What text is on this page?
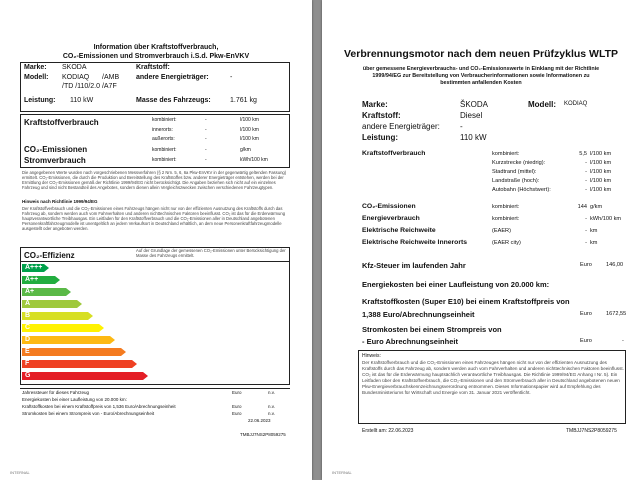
Information über Kraftstoffverbrauch,
CO₂-Emissionen und Stromverbrauch i.S.d. Pkw-EnVKV
Marke: SKODA	Kraftstoff:
Modell: KODIAQ /AMB
/TD /110/2.0 /A7F
andere Energieträger:	-
Leistung: 110 kW	Masse des Fahrzeugs:	1.761 kg
Kraftstoffverbrauch	kombiniert:	-	l/100 km
innerorts:	-	l/100 km
außerorts:	-	l/100 km
CO₂-Emissionen	kombiniert:	-	g/km
Stromverbrauch	kombiniert:	-	kWh/100 km
Die angegebenen Werte wurden nach vorgeschriebenen Messverfahren (§ 2 Nrn. 5, 6, 6a Pkw-EnVKV in der gegenwärtig geltenden Fassung) ermittelt. CO₂-Emissionen, die durch die Produktion und Bereitstellung des Kraftstoffes bzw. anderer Energieträger entstehen, werden bei der Ermittlung der CO₂-Emissionen gemäß der Richtlinie 1999/94/EG nicht berücksichtigt. Die Angaben beziehen sich nicht auf ein einzelnes Fahrzeug und sind nicht Bestandteil des Angebotes, sondern dienen allein Vergleichszwecken zwischen verschiedenen Fahrzeugtypen.
Hinweis nach Richtlinie 1999/94/EG
Der Kraftstoffverbrauch und die CO₂-Emissionen eines Fahrzeugs hängen nicht nur von der effizienten Ausnutzung des Kraftstoffs durch das Fahrzeug ab, sondern werden auch vom Fahrverhalten und anderen nichttechnischen Faktoren beeinflusst. CO₂ ist das für die Erderwärmung hauptverantwortliche Treibhausgas. Ein Leitfaden für den Kraftstoffverbrauch und die CO₂-Emissionen aller in Deutschland angebotenen Personenkraftfahrzeugmodelle ist unentgeltlich an jedem Verkaufsort in Deutschland erhältlich, an dem neue Personenkraftfahrzeugmodelle ausgestellt oder angeboten werden.
CO₂-Effizienz
Auf der Grundlage der gemessenen CO₂-Emissionen unter Berücksichtigung der Masse des Fahrzeugs ermittelt.
Jahressteuer für dieses Fahrzeug	Euro	n.v.
Energiekosten bei einer Laufleistung von 20.000 km:
Kraftstoffkosten bei einem Kraftstoffpreis von 1,536 Euro/Abrechnungseinheit	Euro	n.v.
Stromkosten bei einem Strompreis von - Euro/Abrechnungseinheit	Euro	n.v.
22.06.2023
TMBJJ7NS2P8059275
INTERNAL
A+++
A++
A+
A
B
C
D
E
F
G
Verbrennungsmotor nach dem neuen Prüfzyklus WLTP
über gemessene Energieverbrauchs- und CO₂-Emissionswerte in Einklang mit der Richtlinie
1999/94/EG zur Bereitstellung von Verbraucherinformationen sowie Informationen zu
bestimmten anfallenden Kosten
Marke:	ŠKODA	Modell: KODIAQ
Kraftstoff:	Diesel
andere Energieträger:	-
Leistung:	110 kW
Kraftstoffverbrauch	kombiniert:	5,5 l/100 km
Kurzstrecke (niedrig):	- l/100 km
Stadtrand (mittel):	- l/100 km
Landstraße (hoch):	- l/100 km
Autobahn (Höchstwert):	- l/100 km
CO₂-Emissionen	kombiniert:	144 g/km
Energieverbrauch	kombiniert:	- kWh/100 km
Elektrische Reichweite	(EAER)	- km
Elektrische Reichweite Innerorts	(EAER city)	- km
Kfz-Steuer im laufenden Jahr	Euro	146,00
Energiekosten bei einer Laufleistung von 20.000 km:
Kraftstoffkosten (Super E10) bei einem Kraftstoffpreis von
1,388 Euro/Abrechnungseinheit	Euro	1672,55
Stromkosten bei einem Strompreis von
- Euro Abrechnungseinheit	Euro	-
Hinweis:
Der Kraftstoffverbrauch und die CO₂-Emissionen eines Fahrzeuges hängen nicht nur von der effizienten Ausnutzung des Kraftstoffs durch das Fahrzeug ab, sondern werden auch vom Fahrverhalten und anderen nichttechnischen Faktoren beeinflusst. CO₂ ist das für die Erderwärmung hauptsächlich verantwortliche Treibhausgas. Die Richtlinie 1999/94/EG Anhang I Nr. 5). Ein Leitfaden über den Kraftstoffverbrauch, die CO₂-Emissionen und den Stromverbrauch aller in Deutschland angebotenen neuen Pkw-Energieverbrauchskennzeichnungsverordnung entnommen. Dieses Informationspapier wird auf Empfehlung des Bundesministeriums für Wirtschaft und Energie vom 31. Januar 2021 veröffentlicht.
Erstellt am: 22.06.2023	TMBJJ7NS2P8059275
INTERNAL
